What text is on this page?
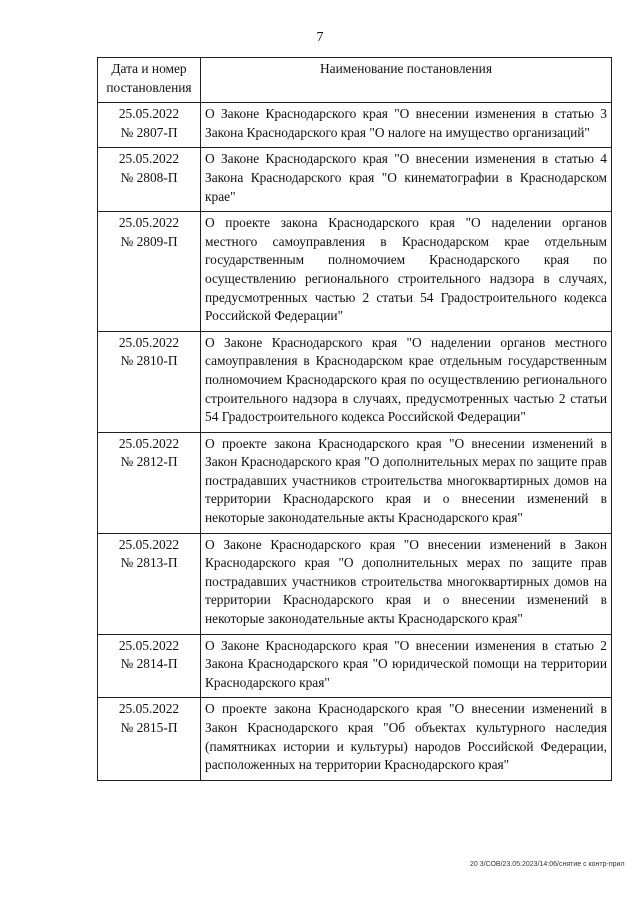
7
Дата и номер
постановления	Наименование постановления

25.05.2022
№ 2807-П	О Законе Краснодарского края "О внесении изменения в статью 3 Закона Краснодарского края "О налоге на имущество организаций"

25.05.2022
№ 2808-П	О Законе Краснодарского края "О внесении изменения в статью 4 Закона Краснодарского края "О кинематографии в Краснодарском крае"

25.05.2022
№ 2809-П	О проекте закона Краснодарского края "О наделении органов местного самоуправления в Краснодарском крае отдельным государственным полномочием Краснодарского края по осуществлению регионального строительного надзора в случаях, предусмотренных частью 2 статьи 54 Градостроительного кодекса Российской Федерации"

25.05.2022
№ 2810-П	О Законе Краснодарского края "О наделении органов местного самоуправления в Краснодарском крае отдельным государственным полномочием Краснодарского края по осуществлению регионального строительного надзора в случаях, предусмотренных частью 2 статьи 54 Градостроительного кодекса Российской Федерации"

25.05.2022
№ 2812-П	О проекте закона Краснодарского края "О внесении изменений в Закон Краснодарского края "О дополнительных мерах по защите прав пострадавших участников строительства многоквартирных домов на территории Краснодарского края и о внесении изменений в некоторые законодательные акты Краснодарского края"

25.05.2022
№ 2813-П	О Законе Краснодарского края "О внесении изменений в Закон Краснодарского края "О дополнительных мерах по защите прав пострадавших участников строительства многоквартирных домов на территории Краснодарского края и о внесении изменений в некоторые законодательные акты Краснодарского края"

25.05.2022
№ 2814-П	О Законе Краснодарского края "О внесении изменения в статью 2 Закона Краснодарского края "О юридической помощи на территории Краснодарского края"

25.05.2022
№ 2815-П	О проекте закона Краснодарского края "О внесении изменений в Закон Краснодарского края "Об объектах культурного наследия (памятниках истории и культуры) народов Российской Федерации, расположенных на территории Краснодарского края"
20 3/СОВ/23.05.2023/14:06/снятие с контр-прил
